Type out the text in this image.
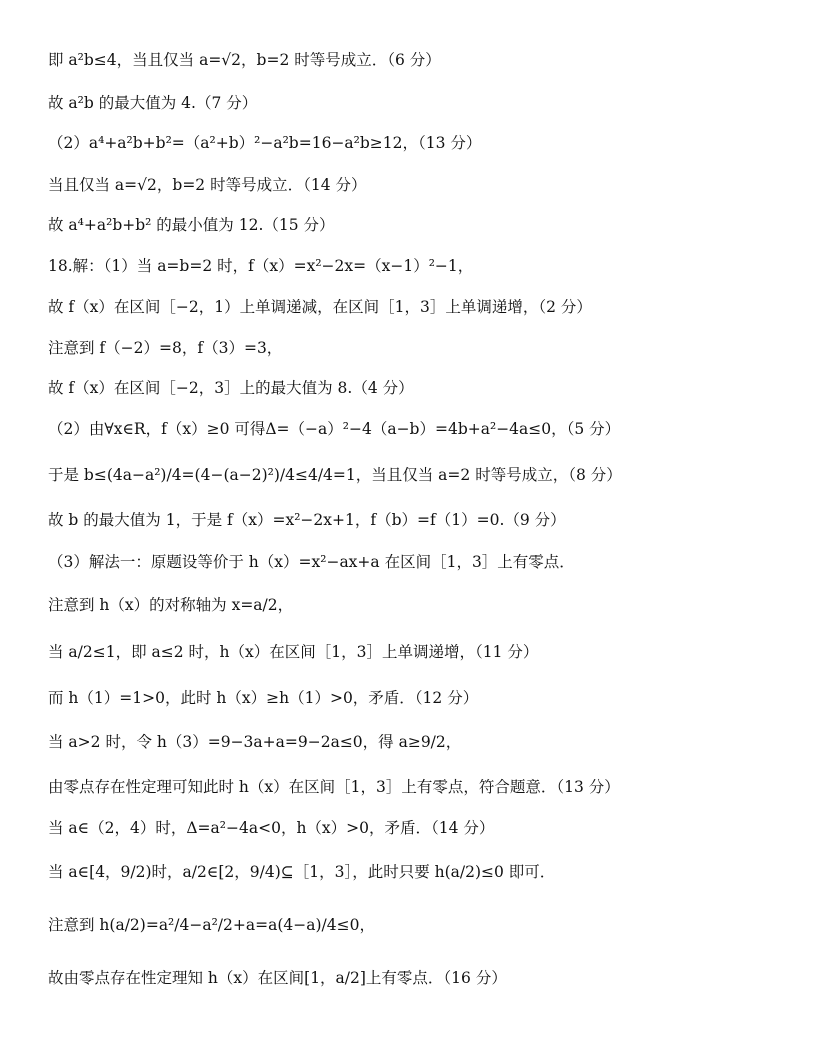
即 a²b≤4，当且仅当 a=√2，b=2 时等号成立．（6 分）
故 a²b 的最大值为 4.（7 分）
（2）a⁴+a²b+b²=（a²+b）²−a²b=16−a²b≥12，（13 分）
当且仅当 a=√2，b=2 时等号成立．（14 分）
故 a⁴+a²b+b² 的最小值为 12.（15 分）
18.解：（1）当 a=b=2 时，f（x）=x²−2x=（x−1）²−1，
故 f（x）在区间［−2，1）上单调递减，在区间［1，3］上单调递增，（2 分）
注意到 f（−2）=8，f（3）=3，
故 f（x）在区间［−2，3］上的最大值为 8.（4 分）
（2）由∀x∈R，f（x）≥0 可得Δ=（−a）²−4（a−b）=4b+a²−4a≤0，（5 分）
于是 b≤(4a−a²)/4=(4−(a−2)²)/4≤4/4=1，当且仅当 a=2 时等号成立，（8 分）
故 b 的最大值为 1，于是 f（x）=x²−2x+1，f（b）=f（1）=0.（9 分）
（3）解法一：原题设等价于 h（x）=x²−ax+a 在区间［1，3］上有零点．
注意到 h（x）的对称轴为 x=a/2，
当 a/2≤1，即 a≤2 时，h（x）在区间［1，3］上单调递增，（11 分）
而 h（1）=1>0，此时 h（x）≥h（1）>0，矛盾．（12 分）
当 a>2 时，令 h（3）=9−3a+a=9−2a≤0，得 a≥9/2，
由零点存在性定理可知此时 h（x）在区间［1，3］上有零点，符合题意．（13 分）
当 a∈（2，4）时，Δ=a²−4a<0，h（x）>0，矛盾．（14 分）
当 a∈[4，9/2)时，a/2∈[2，9/4)⊆［1，3］，此时只要 h(a/2)≤0 即可．
注意到 h(a/2)=a²/4−a²/2+a=a(4−a)/4≤0，
故由零点存在性定理知 h（x）在区间[1，a/2]上有零点．（16 分）
